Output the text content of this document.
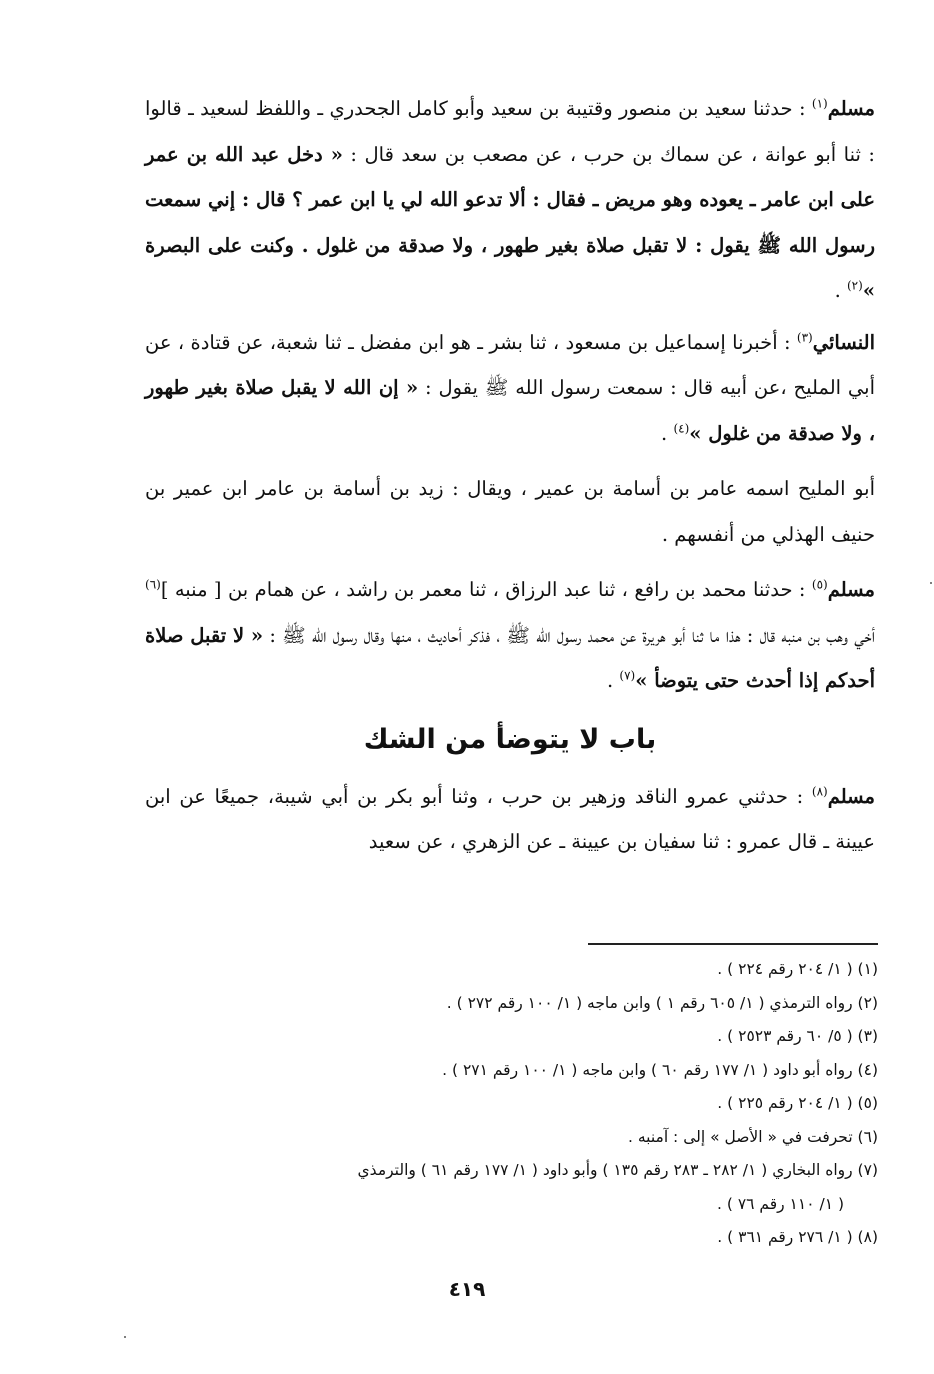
مسلم$^{(١)}$ : حدثنا سعيد بن منصور وقتيبة بن سعيد وأبو كامل الجحدري ـ واللفظ لسعيد ـ قالوا : ثنا أبو عوانة ، عن سماك بن حرب ، عن مصعب بن سعد قال : « دخل عبد الله بن عمر على ابن عامر ـ يعوده وهو مريض ـ فقال : ألا تدعو الله لي يا ابن عمر ؟ قال : إني سمعت رسول الله ﷺ يقول : لا تقبل صلاة بغير طهور ، ولا صدقة من غلول . وكنت على البصرة »$^{(٢)}$ .

النسائي$^{(٣)}$ : أخبرنا إسماعيل بن مسعود ، ثنا بشر ـ هو ابن مفضل ـ ثنا شعبة، عن قتادة ، عن أبي المليح ،عن أبيه قال : سمعت رسول الله ﷺ يقول : « إن الله لا يقبل صلاة بغير طهور ، ولا صدقة من غلول »$^{(٤)}$ .

أبو المليح اسمه عامر بن أسامة بن عمير ، ويقال : زيد بن أسامة بن عامر ابن عمير بن حنيف الهذلي من أنفسهم .

مسلم$^{(٥)}$ : حدثنا محمد بن رافع ، ثنا عبد الرزاق ، ثنا معمر بن راشد ، عن همام بن [ منبه ]$^{(٦)}$ أخي وهب بن منبه قال : هذا ما ثنا أبو هريرة عن محمد رسول الله ﷺ ، فذكر أحاديث ، منها وقال رسول الله ﷺ : « لا تقبل صلاة أحدكم إذا أحدث حتى يتوضأ »$^{(٧)}$ .

باب لا يتوضأ من الشك

مسلم$^{(٨)}$ : حدثني عمرو الناقد وزهير بن حرب ، وثنا أبو بكر بن أبي شيبة، جميعًا عن ابن عيينة ـ قال عمرو : ثنا سفيان بن عيينة ـ عن الزهري ، عن سعيد

(١) ( ١/ ٢٠٤ رقم ٢٢٤ ) .
(٢) رواه الترمذي ( ١/ ٦٠٥ رقم ١ ) وابن ماجه ( ١/ ١٠٠ رقم ٢٧٢ ) .
(٣) ( ٥/ ٦٠ رقم ٢٥٢٣ ) .
(٤) رواه أبو داود ( ١/ ١٧٧ رقم ٦٠ ) وابن ماجه ( ١/ ١٠٠ رقم ٢٧١ ) .
(٥) ( ١/ ٢٠٤ رقم ٢٢٥ ) .
(٦) تحرفت في « الأصل » إلى : آمنبه .
(٧) رواه البخاري ( ١/ ٢٨٢ ـ ٢٨٣ رقم ١٣٥ ) وأبو داود ( ١/ ١٧٧ رقم ٦١ ) والترمذي
( ١/ ١١٠ رقم ٧٦ ) .
(٨) ( ١/ ٢٧٦ رقم ٣٦١ ) .
٤١٩
